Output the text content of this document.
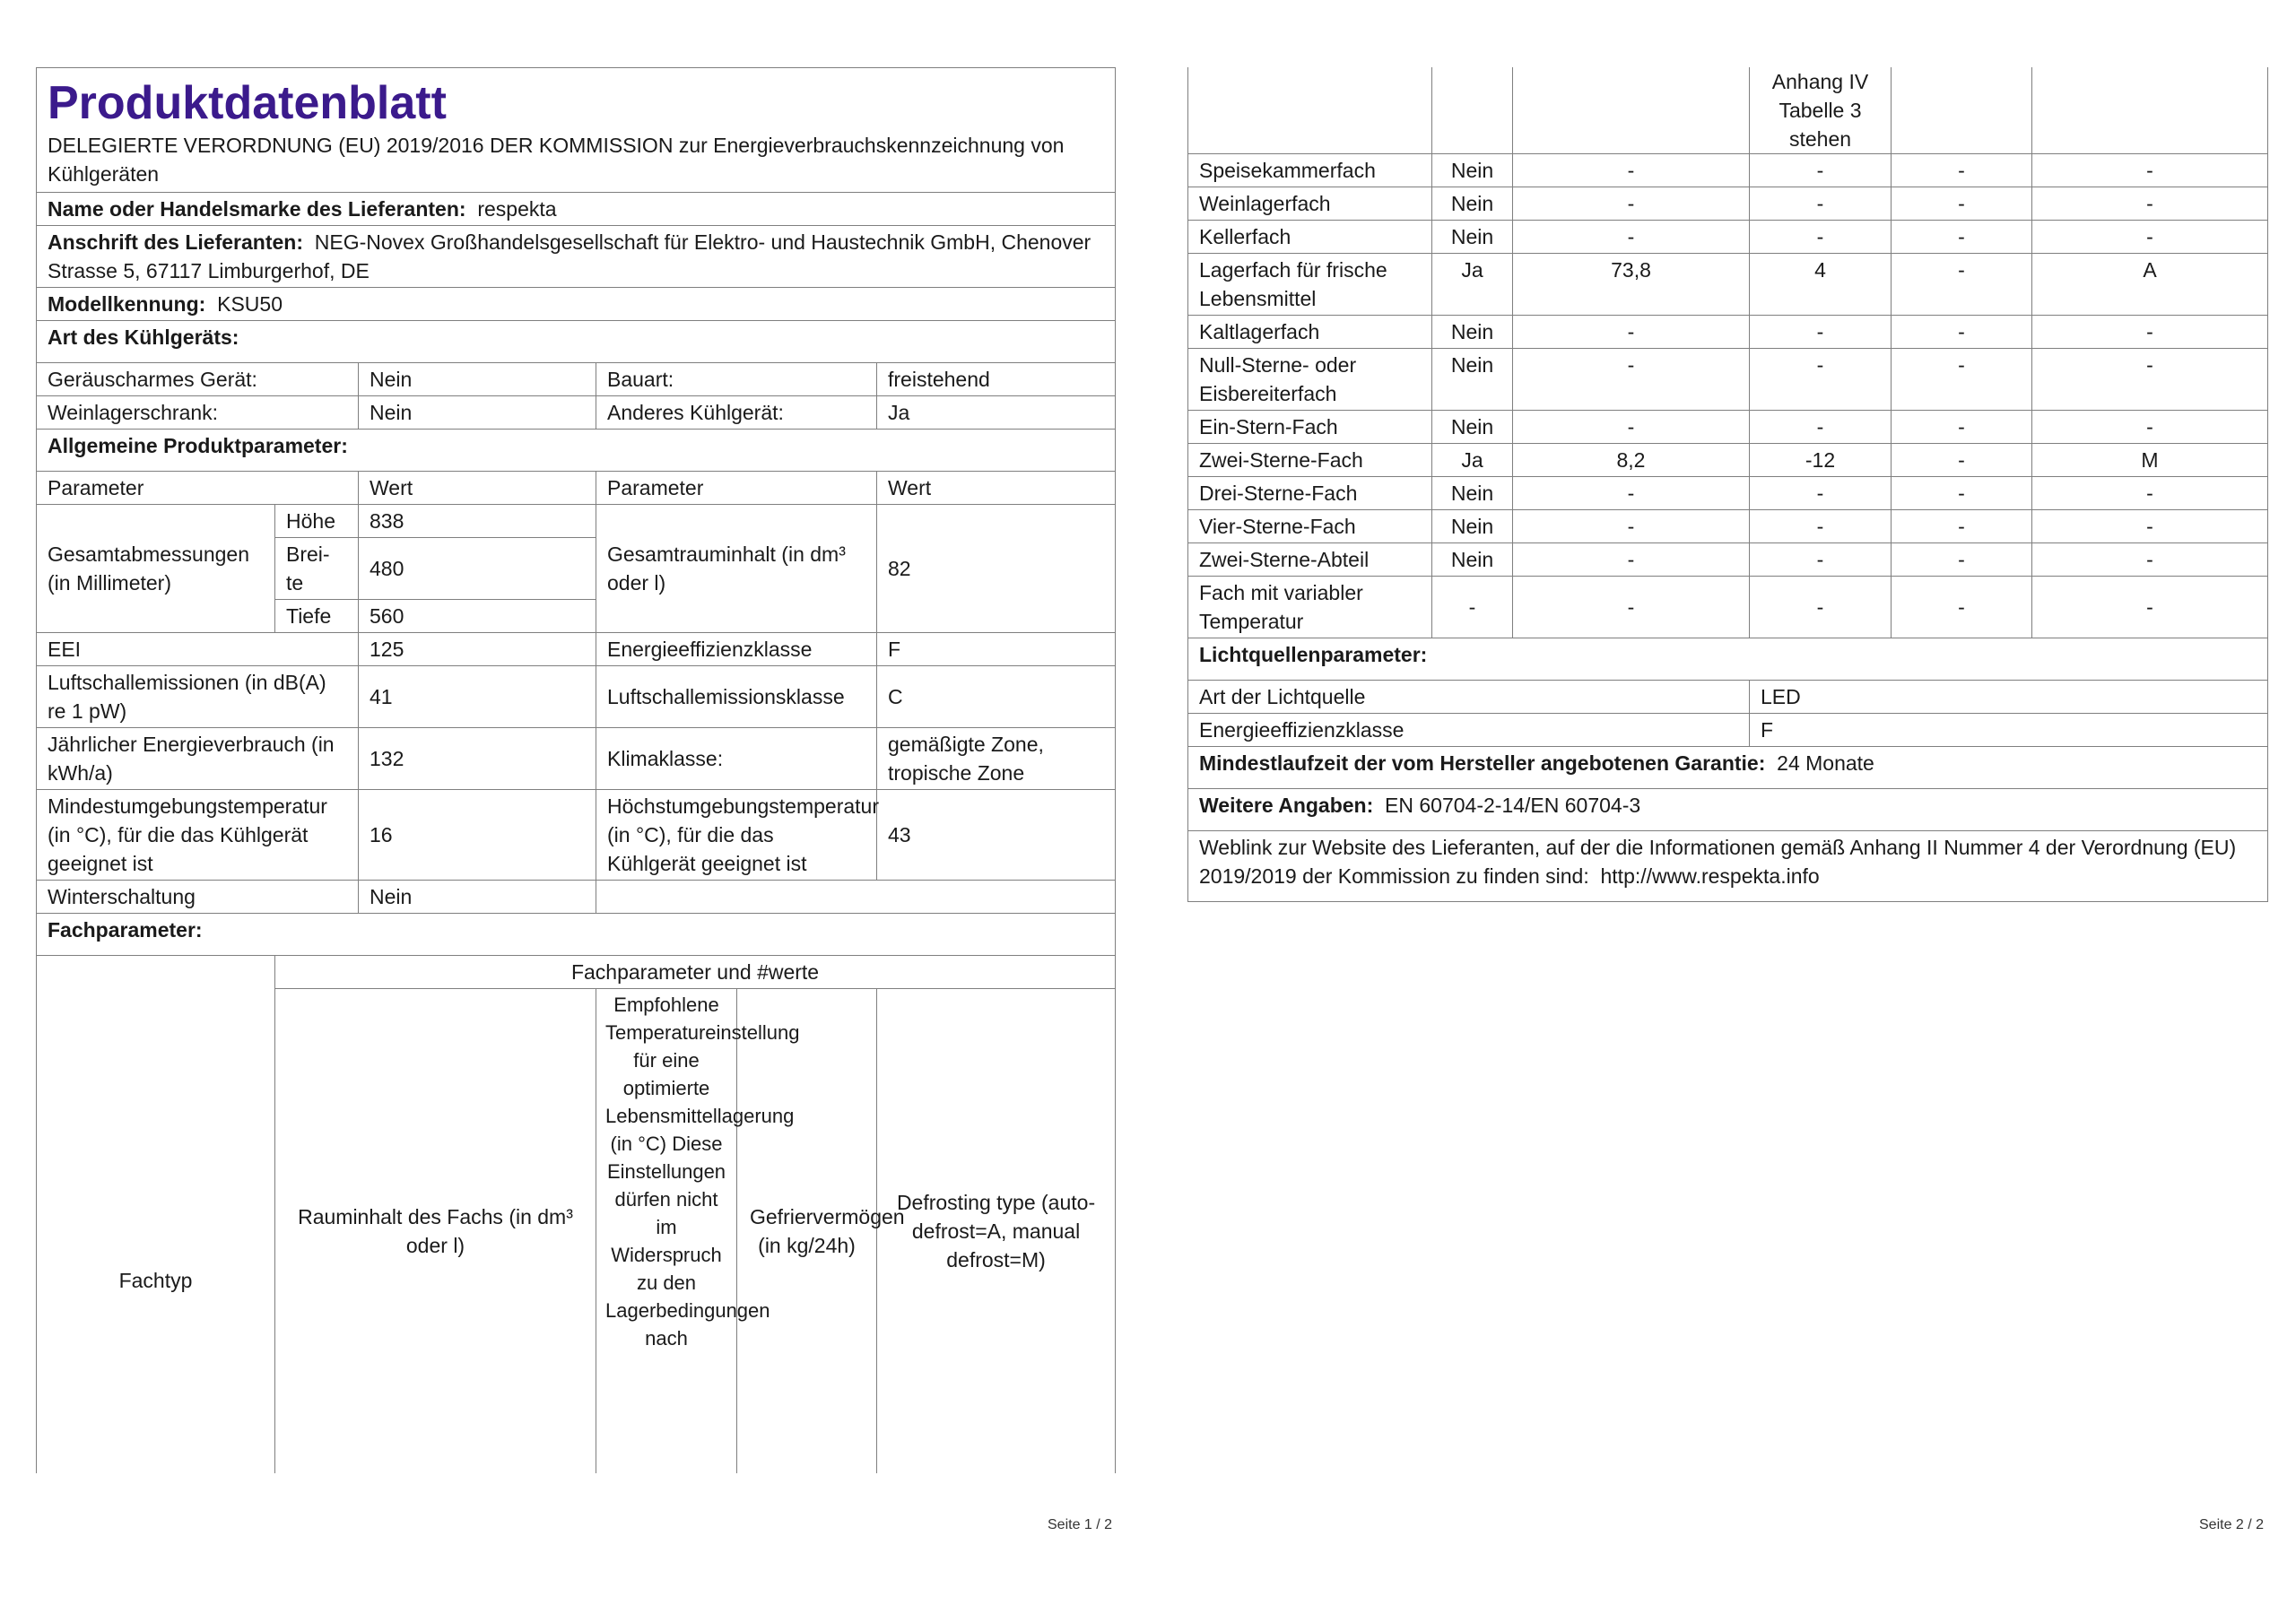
Produktdatenblatt
DELEGIERTE VERORDNUNG (EU) 2019/2016 DER KOMMISSION zur Energieverbrauchskennzeichnung von Kühlgeräten					

Name oder Handelsmarke des Lieferanten: respekta					
Anschrift des Lieferanten: NEG-Novex Großhandelsgesellschaft für Elektro- und Haustechnik GmbH, Chenover Strasse 5, 67117 Limburgerhof, DE					
Modellkennung: KSU50					
Art des Kühlgeräts:					
Geräuscharmes Gerät:		Nein	Bauart:		freistehend
Weinlagerschrank:		Nein	Anderes Kühlgerät:		Ja
Allgemeine Produktparameter:					
Parameter		Wert	Parameter		Wert
Gesamtabmessungen (in Millimeter)	Höhe	838	Gesamtrauminhalt (in dm³ oder l)		82
	Brei-te	480			
	Tiefe	560			
EEI		125	Energieeffizienzklasse		F
Luftschallemissionen (in dB(A) re 1 pW)		41	Luftschallemissionsklasse		C
Jährlicher Energieverbrauch (in kWh/a)		132	Klimaklasse:		gemäßigte Zone, tropische Zone
Mindestumgebungstemperatur (in °C), für die das Kühlgerät geeignet ist		16	Höchstumgebungstemperatur (in °C), für die das Kühlgerät geeignet ist		43
Winterschaltung		Nein			
Fachparameter:					
Fachtyp	Fachparameter und #werte				
	Rauminhalt des Fachs (in dm³ oder l)		Empfohlene Temperatureinstellung für eine optimierte Lebensmittellagerung (in °C) Diese Einstellungen dürfen nicht im Widerspruch zu den Lagerbedingungen nach	Gefriervermögen (in kg/24h)	Defrosting type (auto-defrost=A, manual defrost=M)
Seite 1 / 2
			Anhang IV Tabelle 3 stehen		
Speisekammerfach	Nein	-	-	-	-
Weinlagerfach	Nein	-	-	-	-
Kellerfach	Nein	-	-	-	-
Lagerfach für frische Lebensmittel	Ja	73,8	4	-	A
Kaltlagerfach	Nein	-	-	-	-
Null-Sterne- oder Eisbereiterfach	Nein	-	-	-	-
Ein-Stern-Fach	Nein	-	-	-	-
Zwei-Sterne-Fach	Ja	8,2	-12	-	M
Drei-Sterne-Fach	Nein	-	-	-	-
Vier-Sterne-Fach	Nein	-	-	-	-
Zwei-Sterne-Abteil	Nein	-	-	-	-
Fach mit variabler Temperatur	-	-	-	-	-
Lichtquellenparameter:					
Art der Lichtquelle			LED		
Energieeffizienzklasse			F		
Mindestlaufzeit der vom Hersteller angebotenen Garantie: 24 Monate					
Weitere Angaben: EN 60704-2-14/EN 60704-3					
Weblink zur Website des Lieferanten, auf der die Informationen gemäß Anhang II Nummer 4 der Verordnung (EU) 2019/2019 der Kommission zu finden sind: http://www.respekta.info					
Seite 2 / 2
